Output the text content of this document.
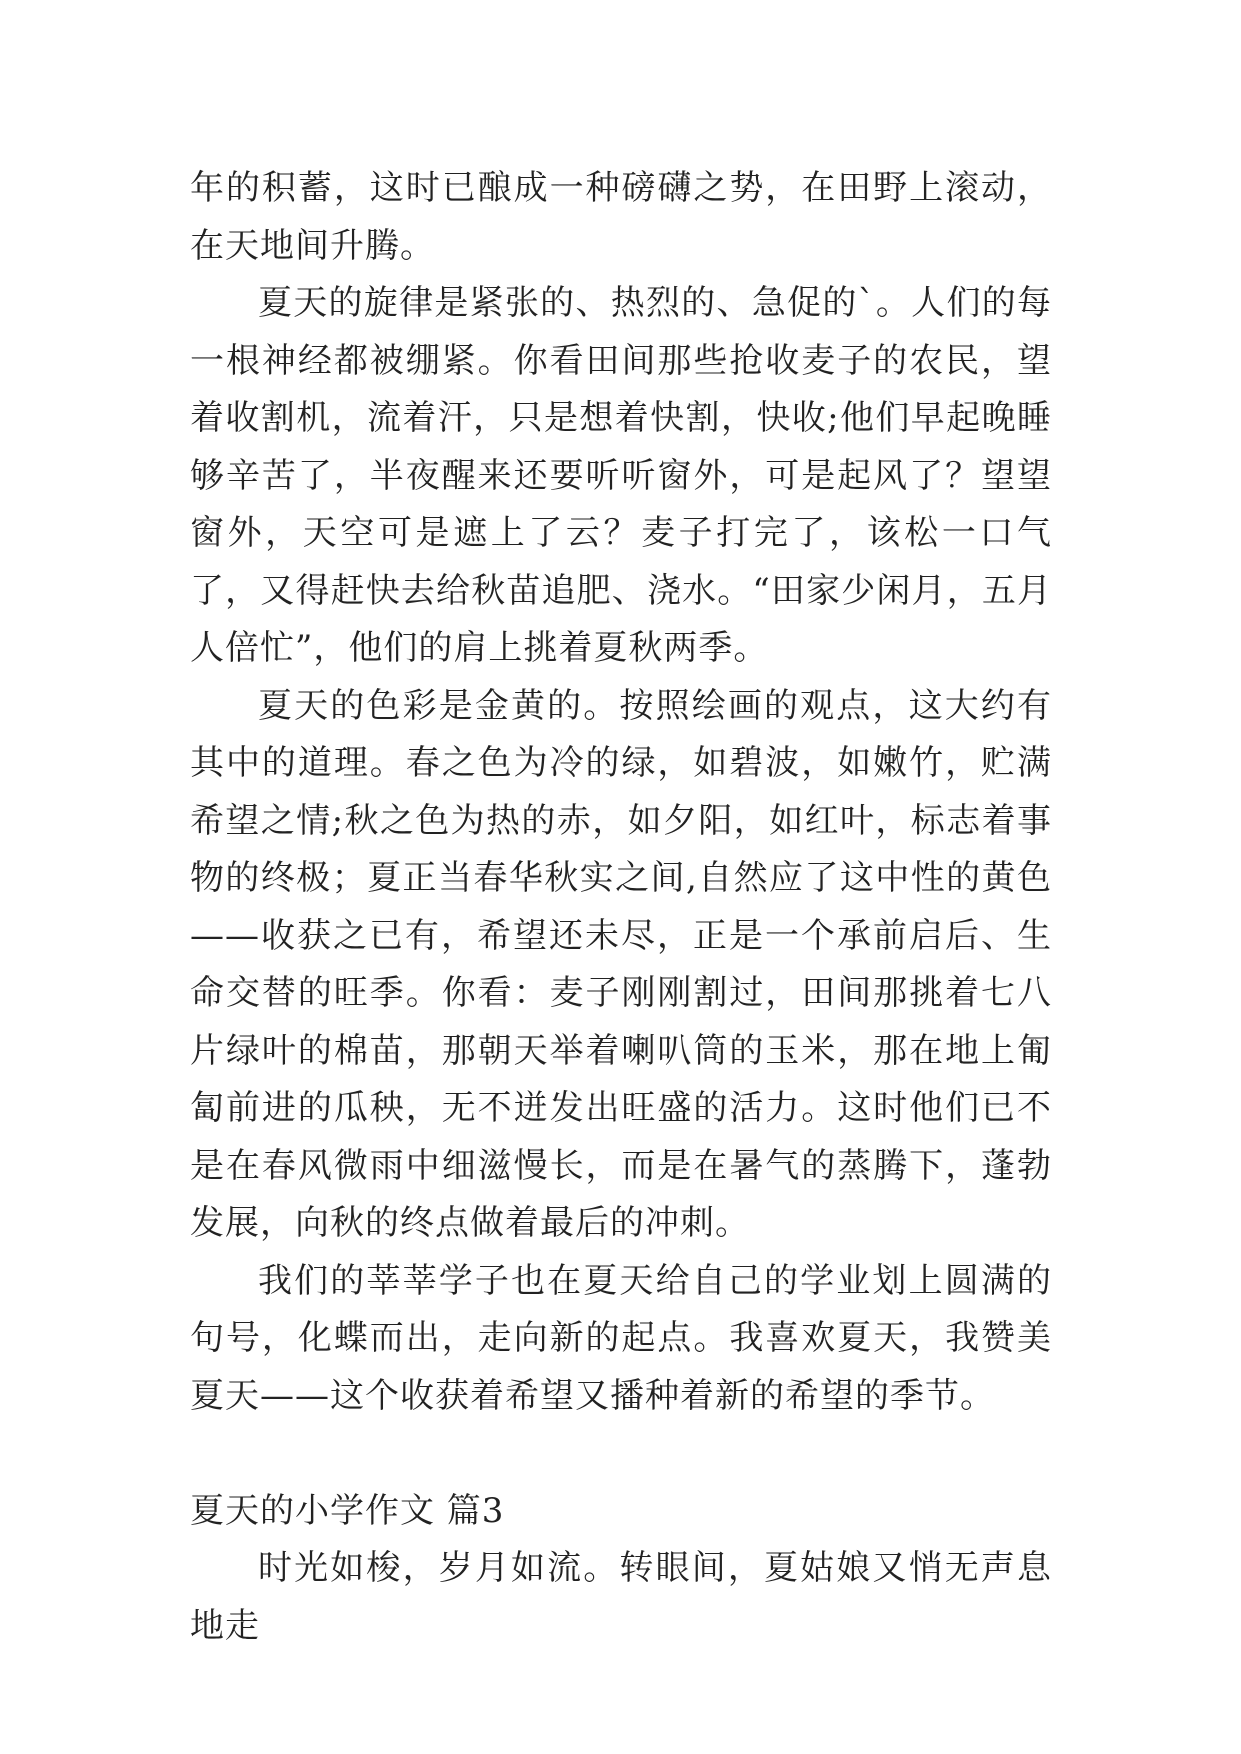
年的积蓄，这时已酿成一种磅礴之势，在田野上滚动，在天地间升腾。

夏天的旋律是紧张的、热烈的、急促的`。人们的每一根神经都被绷紧。你看田间那些抢收麦子的农民，望着收割机，流着汗，只是想着快割，快收;他们早起晚睡够辛苦了，半夜醒来还要听听窗外，可是起风了？望望窗外，天空可是遮上了云？麦子打完了，该松一口气了，又得赶快去给秋苗追肥、浇水。“田家少闲月，五月人倍忙”，他们的肩上挑着夏秋两季。

夏天的色彩是金黄的。按照绘画的观点，这大约有其中的道理。春之色为冷的绿，如碧波，如嫩竹，贮满希望之情;秋之色为热的赤，如夕阳，如红叶，标志着事物的终极；夏正当春华秋实之间,自然应了这中性的黄色——收获之已有，希望还未尽，正是一个承前启后、生命交替的旺季。你看：麦子刚刚割过，田间那挑着七八片绿叶的棉苗，那朝天举着喇叭筒的玉米，那在地上匍匐前进的瓜秧，无不迸发出旺盛的活力。这时他们已不是在春风微雨中细滋慢长，而是在暑气的蒸腾下，蓬勃发展，向秋的终点做着最后的冲刺。

我们的莘莘学子也在夏天给自己的学业划上圆满的句号，化蝶而出，走向新的起点。我喜欢夏天，我赞美夏天——这个收获着希望又播种着新的希望的季节。

夏天的小学作文 篇3

时光如梭，岁月如流。转眼间，夏姑娘又悄无声息地走
